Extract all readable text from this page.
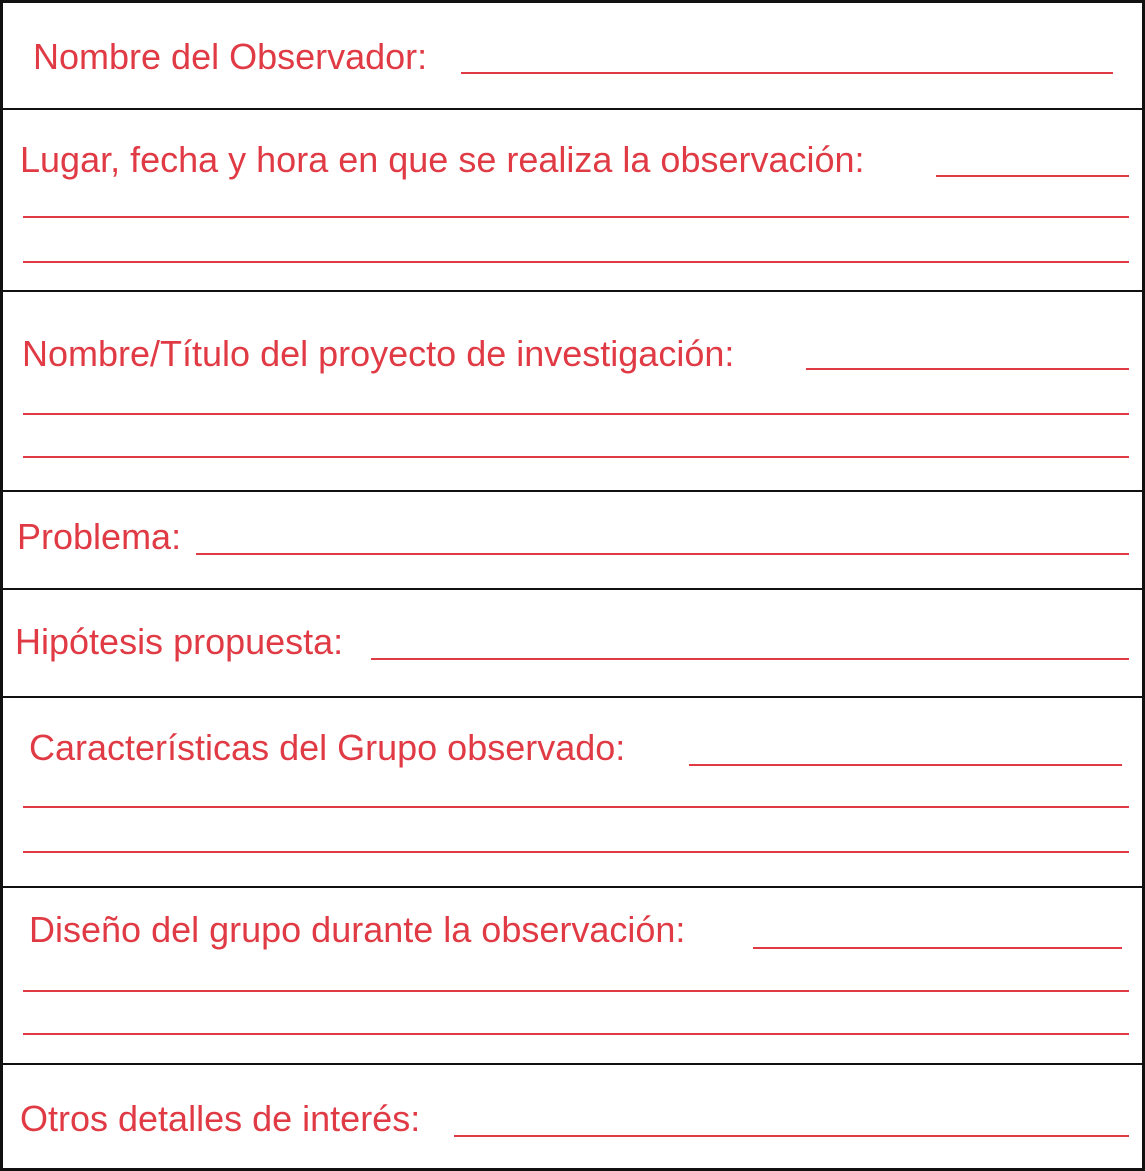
Nombre del Observador:
Lugar, fecha y hora en que se realiza la observación:
Nombre/Título del proyecto de investigación:
Problema:
Hipótesis propuesta:
Características del Grupo observado:
Diseño del grupo durante la observación:
Otros detalles de interés:
